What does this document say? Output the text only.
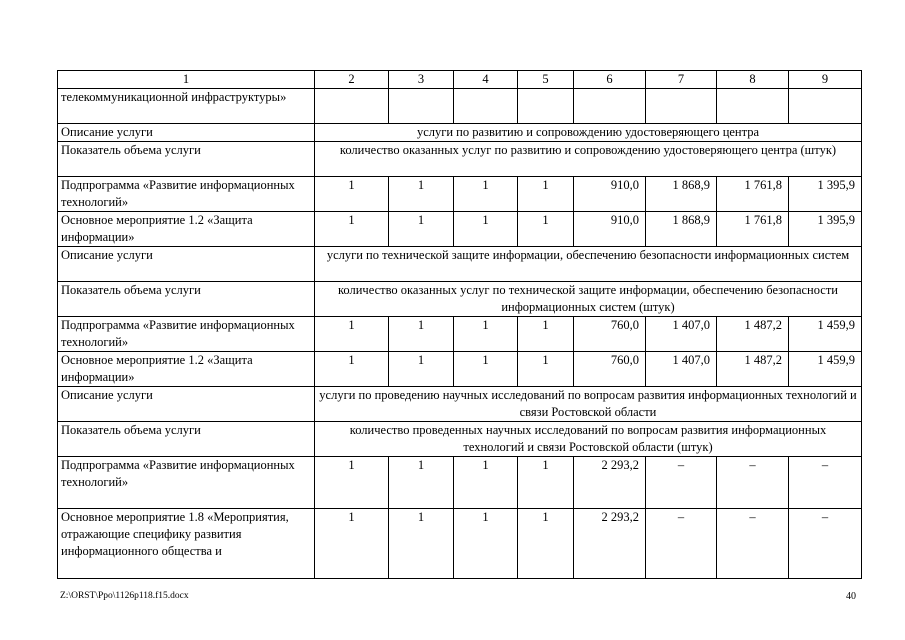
1	2	3	4	5	6	7	8	9
телекоммуникационной инфраструктуры»								
Описание услуги	услуги по развитию и сопровождению удостоверяющего центра							
Показатель объема услуги	количество оказанных услуг по развитию и сопровождению удостоверяющего центра (штук)							
Подпрограмма «Развитие информационных технологий»	1	1	1	1	910,0	1 868,9	1 761,8	1 395,9
Основное мероприятие 1.2 «Защита информации»	1	1	1	1	910,0	1 868,9	1 761,8	1 395,9
Описание услуги	услуги по технической защите информации, обеспечению безопасности информационных систем							
Показатель объема услуги	количество оказанных услуг по технической защите информации, обеспечению безопасности информационных систем (штук)							
Подпрограмма «Развитие информационных технологий»	1	1	1	1	760,0	1 407,0	1 487,2	1 459,9
Основное мероприятие 1.2 «Защита информации»	1	1	1	1	760,0	1 407,0	1 487,2	1 459,9
Описание услуги	услуги по проведению научных исследований по вопросам развития информационных технологий и связи Ростовской области							
Показатель объема услуги	количество проведенных научных исследований по вопросам развития информационных технологий и связи Ростовской области (штук)							
Подпрограмма «Развитие информационных технологий»	1	1	1	1	2 293,2	–	–	–
Основное мероприятие 1.8 «Мероприятия, отражающие специфику развития информационного общества и	1	1	1	1	2 293,2	–	–	–
Z:\ORST\Ppo\1126p118.f15.docx	40
